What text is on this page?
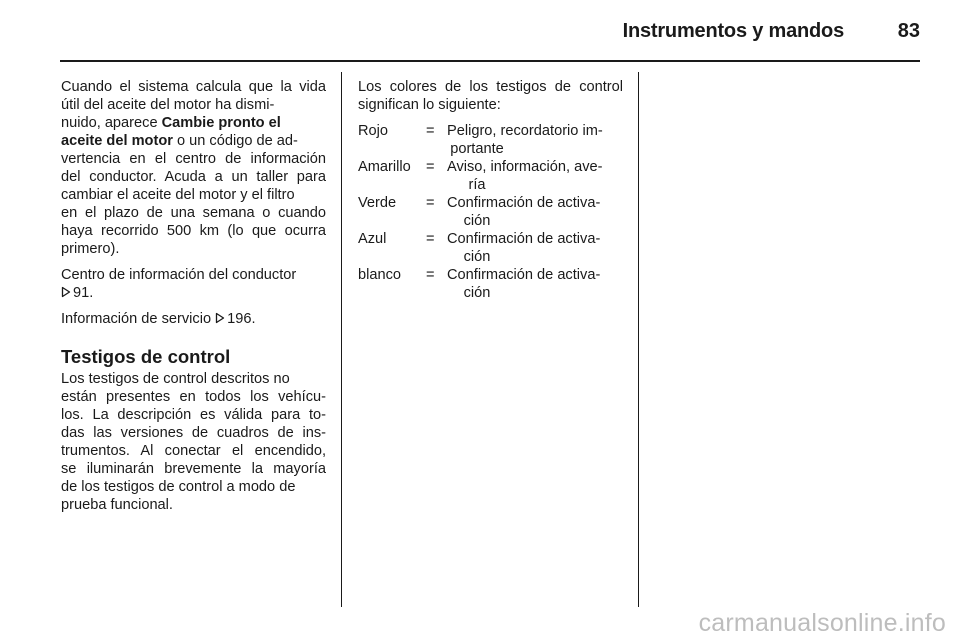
Instrumentos y mandos	83
Cuando el sistema calcula que la vida
útil del aceite del motor ha dismi-
nuido, aparece Cambie pronto el
aceite del motor o un código de ad-
vertencia en el centro de información
del conductor. Acuda a un taller para
cambiar el aceite del motor y el filtro
en el plazo de una semana o cuando
haya recorrido 500 km (lo que ocurra
primero).
Centro de información del conductor
91.
Información de servicio 196.
Testigos de control
Los testigos de control descritos no
están presentes en todos los vehícu-
los. La descripción es válida para to-
das las versiones de cuadros de ins-
trumentos. Al conectar el encendido,
se iluminarán brevemente la mayoría
de los testigos de control a modo de
prueba funcional.
Los colores de los testigos de control
significan lo siguiente:
Rojo	= Peligro, recordatorio im-
portante
Amarillo = Aviso, información, ave-
ría
Verde = Confirmación de activa-
ción
Azul	= Confirmación de activa-
ción
blanco = Confirmación de activa-
ción
carmanualsonline.info
